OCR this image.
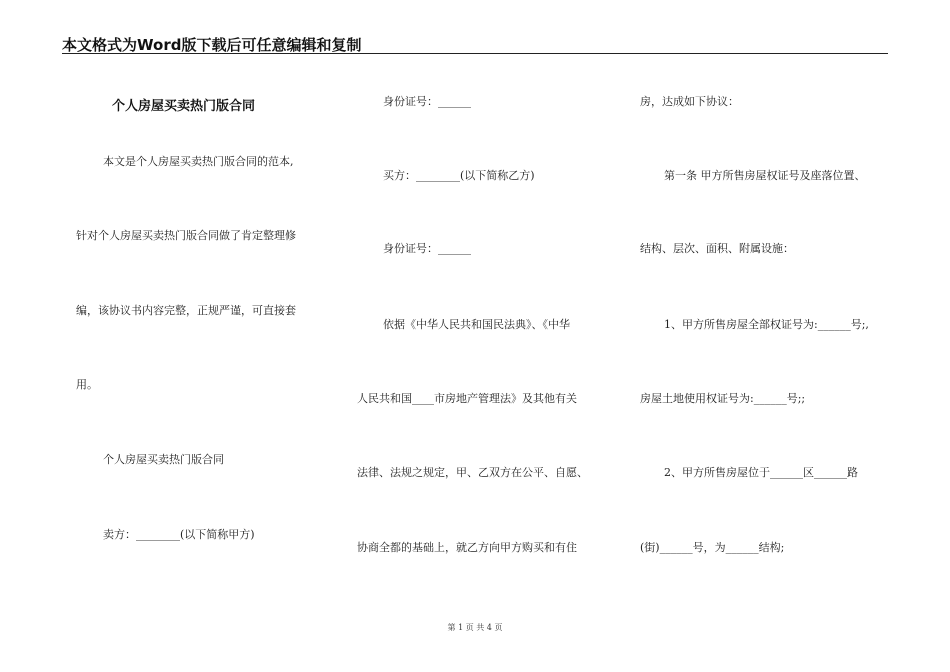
本文格式为Word版下载后可任意编辑和复制
个人房屋买卖热门版合同
本文是个人房屋买卖热门版合同的范本,
针对个人房屋买卖热门版合同做了肯定整理修
编，该协议书内容完整，正规严谨，可直接套
用。
个人房屋买卖热门版合同
卖方：________(以下简称甲方)
身份证号：______
买方：________(以下简称乙方)
身份证号：______
依据《中华人民共和国民法典》、《中华
人民共和国____市房地产管理法》及其他有关
法律、法规之规定，甲、乙双方在公平、自愿、
协商全都的基础上，就乙方向甲方购买和有住
房，达成如下协议：
第一条 甲方所售房屋权证号及座落位置、
结构、层次、面积、附属设施：
1、甲方所售房屋全部权证号为:______号;,
房屋土地使用权证号为:______号;;
2、甲方所售房屋位于______区______路
(街)______号，为______结构;
第 1 页 共 4 页
